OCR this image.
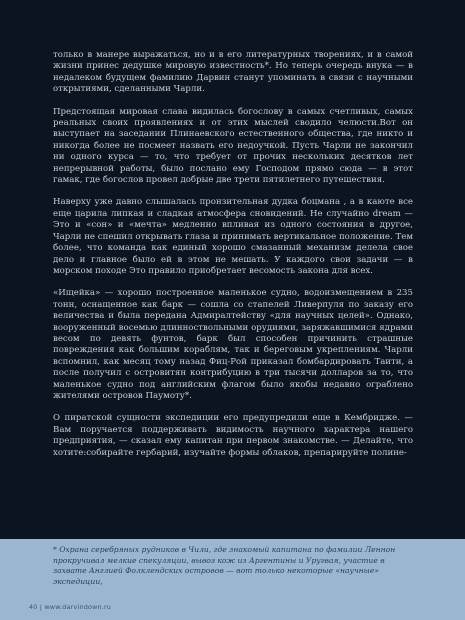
только в манере выражаться, но и в его литературных творениях, и в самой жизни принес дедушке мировую известность*. Но теперь очередь внука — в недалеком будущем фамилию Дарвин станут упоминать в связи с научными открытиями, сделанными Чарли.

Предстоящая мировая слава видилась богослову в самых счетливых, самых реальных своих проявлениях и от этих мыслей сводило челюсти.Вот он выступает на заседании Плинаевского естественного общества, где никто и никогда более не посмеет назвать его недоучкой. Пусть Чарли не закончил ни одного курса — то, что требует от прочих нескольких десятков лет непрерывной работы, было послано ему Господом прямо сюда — в этот гамак, где богослов провел добрые две трети пятилетнего путешествия.

Наверху уже давно слышалась пронзительная дудка боцмана , а в каюте все еще царила липкая и сладкая атмосфера сновидений. Не случайно dream — Это и «сон» и «мечта» медленно впливая из одного состояния в другое, Чарли не спешил открывать глаза и принимать вертикальное положение. Тем более, что команда как единый хорошо смазанный механизм делела свое дело и главное было ей в этом не мешать. У каждого свои задачи — в морском походе Это правило приобретает весомость закона для всех.

«Ищейка» — хорошо построенное маленькое судно, водоизмещением в 235 тонн, оснащенное как барк — сошла со стапелей Ливерпуля по заказу его величества и была передана Адмиралтейству «для научных целей». Однако, вооруженный восемью длинноствольными орудиями, заряжавшимися ядрами весом по девять фунтов, барк был способен причинить страшные повреждения как большим кораблям, так и береговым укреплениям. Чарли вспомнил, как месяц тому назад Фиц-Рой приказал бомбардировать Таити, а после получил с островитян контрибуцию в три тысячи долларов за то, что маленькое судно под английским флагом было якобы недавно ограблено жителями островов Паумоту*.

О пиратской сущности экспедиции его предупредили еще в Кембридже. — Вам поручается поддерживать видимость научного характера нашего предприятия, — сказал ему капитан при первом знакомстве. — Делайте, что хотите:собирайте гербарий, изучайте формы облаков, препарируйте полине-

* Охрана серебряных рудников в Чили, где знакомый капитана по фамилии Леннон прокручивал мелкие спекуляции, вывоз кож из Аргентины и Уругвая, участие в захвате Англией Фолклендских островов — вот только некоторые «научные» экспедиции,

40 | www.darvindown.ru
